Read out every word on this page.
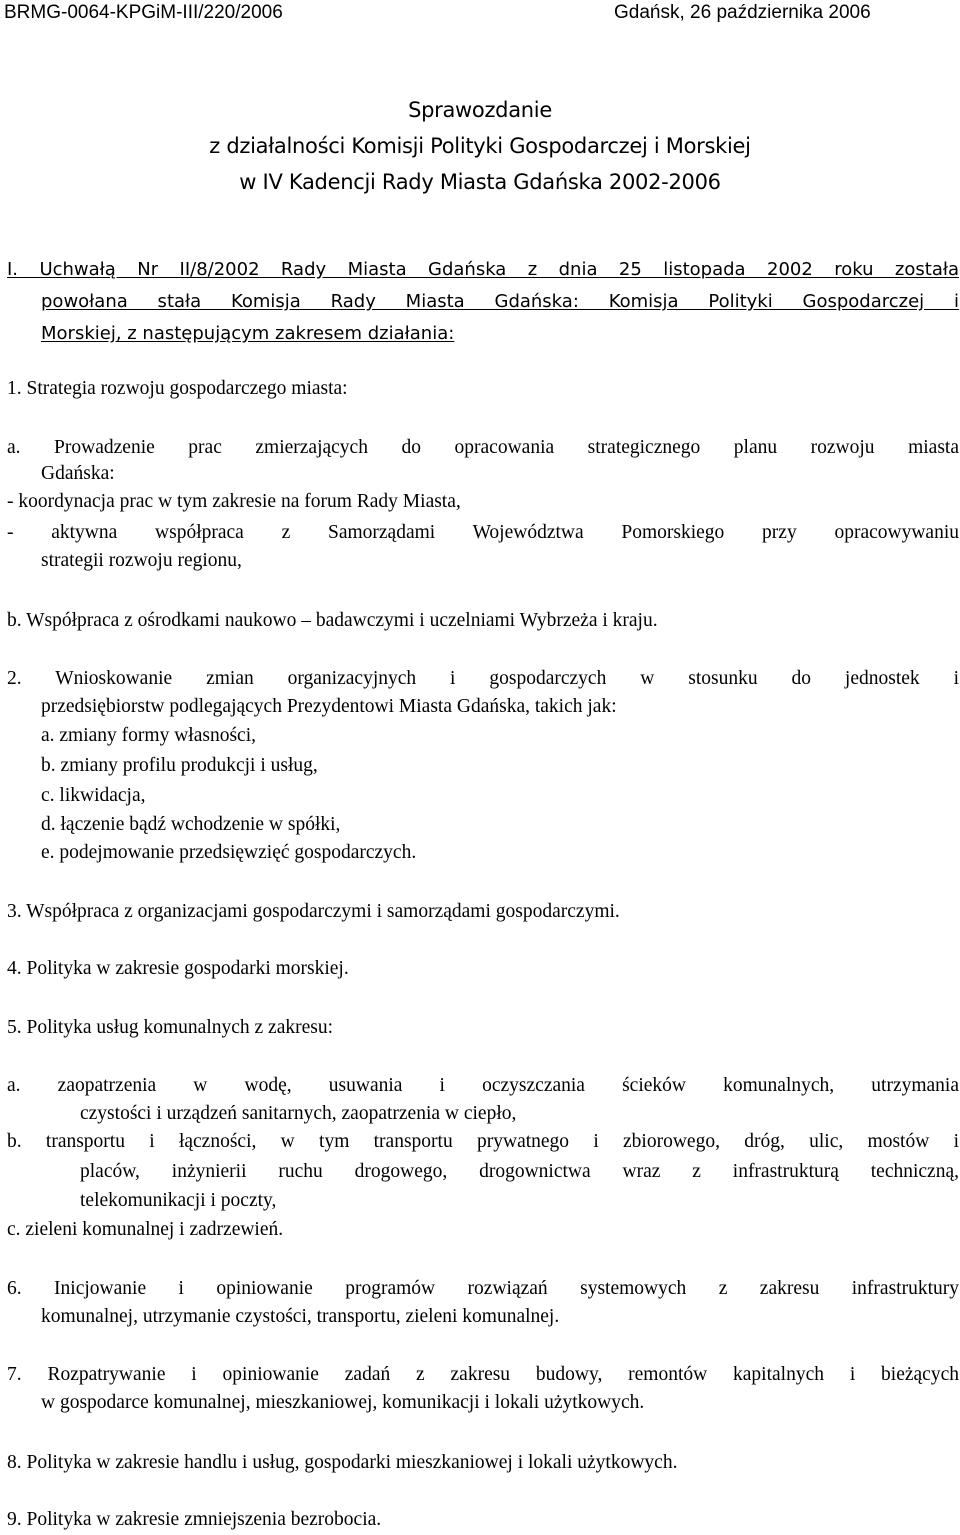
BRMG-0064-KPGiM-III/220/2006	Gdańsk, 26 października 2006
Sprawozdanie
z działalności Komisji Polityki Gospodarczej i Morskiej
w IV Kadencji Rady Miasta Gdańska 2002-2006
I. Uchwałą Nr II/8/2002 Rady Miasta Gdańska z dnia 25 listopada 2002 roku została
powołana stała Komisja Rady Miasta Gdańska: Komisja Polityki Gospodarczej i
Morskiej, z następującym zakresem działania:
1. Strategia rozwoju gospodarczego miasta:
a. Prowadzenie prac zmierzających do opracowania strategicznego planu rozwoju miasta
Gdańska:
- koordynacja prac w tym zakresie na forum Rady Miasta,
- aktywna współpraca z Samorządami Województwa Pomorskiego przy opracowywaniu
strategii rozwoju regionu,
b. Współpraca z ośrodkami naukowo – badawczymi i uczelniami Wybrzeża i kraju.
2. Wnioskowanie zmian organizacyjnych i gospodarczych w stosunku do jednostek i
przedsiębiorstw podlegających Prezydentowi Miasta Gdańska, takich jak:
a. zmiany formy własności,
b. zmiany profilu produkcji i usług,
c. likwidacja,
d. łączenie bądź wchodzenie w spółki,
e. podejmowanie przedsięwzięć gospodarczych.
3. Współpraca z organizacjami gospodarczymi i samorządami gospodarczymi.
4. Polityka w zakresie gospodarki morskiej.
5. Polityka usług komunalnych z zakresu:
a. zaopatrzenia w wodę, usuwania i oczyszczania ścieków komunalnych, utrzymania
czystości i urządzeń sanitarnych, zaopatrzenia w ciepło,
b. transportu i łączności, w tym transportu prywatnego i zbiorowego, dróg, ulic, mostów i
placów, inżynierii ruchu drogowego, drogownictwa wraz z infrastrukturą techniczną,
telekomunikacji i poczty,
c. zieleni komunalnej i zadrzewień.
6. Inicjowanie i opiniowanie programów rozwiązań systemowych z zakresu infrastruktury
komunalnej, utrzymanie czystości, transportu, zieleni komunalnej.
7. Rozpatrywanie i opiniowanie zadań z zakresu budowy, remontów kapitalnych i bieżących
w gospodarce komunalnej, mieszkaniowej, komunikacji i lokali użytkowych.
8. Polityka w zakresie handlu i usług, gospodarki mieszkaniowej i lokali użytkowych.
9. Polityka w zakresie zmniejszenia bezrobocia.
